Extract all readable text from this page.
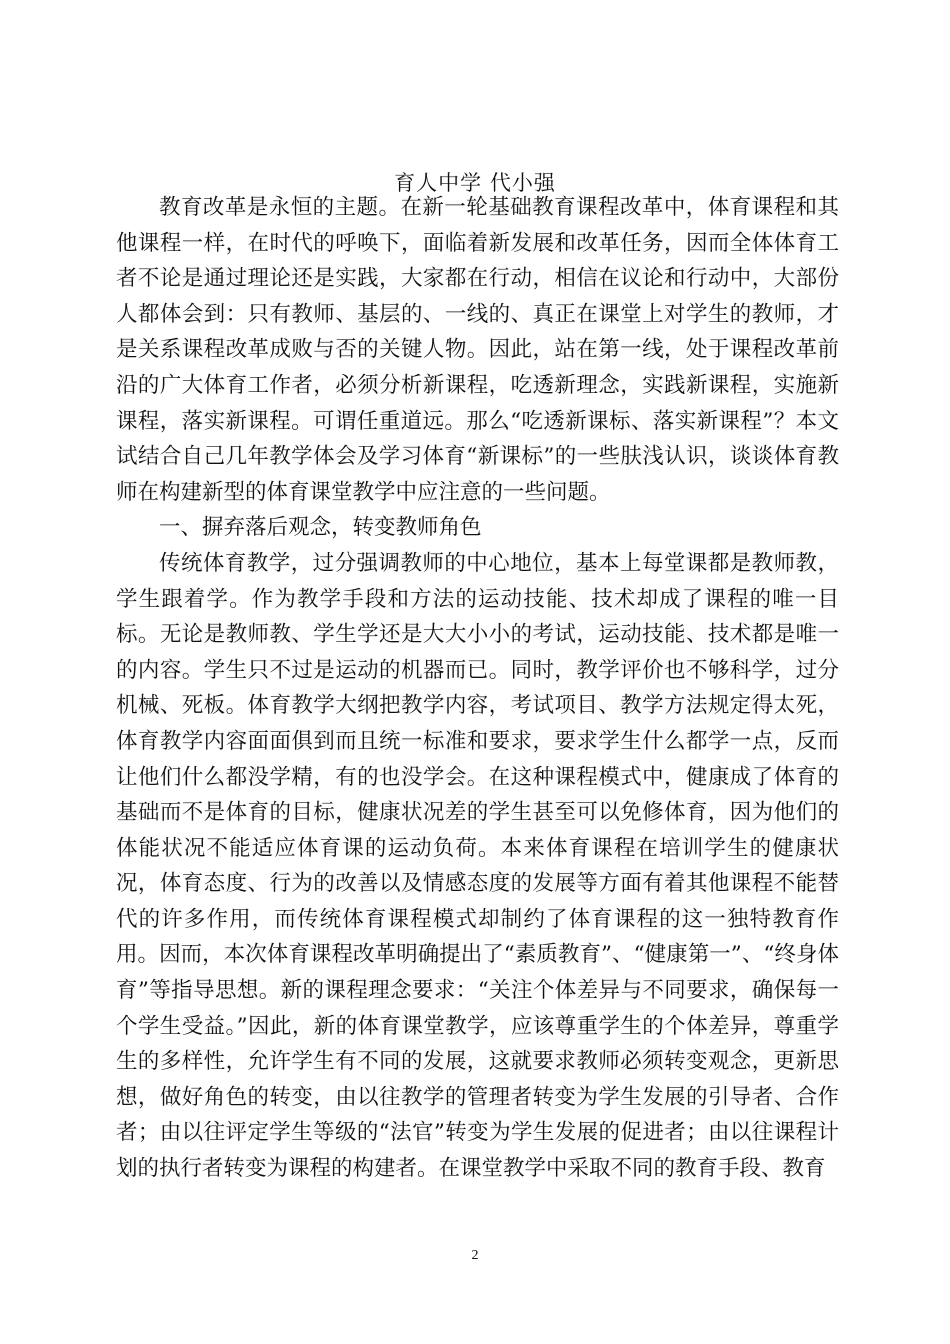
育人中学 代小强

教育改革是永恒的主题。在新一轮基础教育课程改革中，体育课程和其他课程一样，在时代的呼唤下，面临着新发展和改革任务，因而全体体育工者不论是通过理论还是实践，大家都在行动，相信在议论和行动中，大部份人都体会到：只有教师、基层的、一线的、真正在课堂上对学生的教师，才是关系课程改革成败与否的关键人物。因此，站在第一线，处于课程改革前沿的广大体育工作者，必须分析新课程，吃透新理念，实践新课程，实施新课程，落实新课程。可谓任重道远。那么“吃透新课标、落实新课程”？本文试结合自己几年教学体会及学习体育“新课标”的一些肤浅认识，谈谈体育教师在构建新型的体育课堂教学中应注意的一些问题。

一、摒弃落后观念，转变教师角色

传统体育教学，过分强调教师的中心地位，基本上每堂课都是教师教，学生跟着学。作为教学手段和方法的运动技能、技术却成了课程的唯一目标。无论是教师教、学生学还是大大小小的考试，运动技能、技术都是唯一的内容。学生只不过是运动的机器而已。同时，教学评价也不够科学，过分机械、死板。体育教学大纲把教学内容，考试项目、教学方法规定得太死，体育教学内容面面俱到而且统一标准和要求，要求学生什么都学一点，反而让他们什么都没学精，有的也没学会。在这种课程模式中，健康成了体育的基础而不是体育的目标，健康状况差的学生甚至可以免修体育，因为他们的体能状况不能适应体育课的运动负荷。本来体育课程在培训学生的健康状况，体育态度、行为的改善以及情感态度的发展等方面有着其他课程不能替代的许多作用，而传统体育课程模式却制约了体育课程的这一独特教育作用。因而，本次体育课程改革明确提出了“素质教育”、“健康第一”、“终身体育”等指导思想。新的课程理念要求：“关注个体差异与不同要求，确保每一个学生受益。”因此，新的体育课堂教学，应该尊重学生的个体差异，尊重学生的多样性，允许学生有不同的发展，这就要求教师必须转变观念，更新思想，做好角色的转变，由以往教学的管理者转变为学生发展的引导者、合作者；由以往评定学生等级的“法官”转变为学生发展的促进者；由以往课程计划的执行者转变为课程的构建者。在课堂教学中采取不同的教育手段、教育

2
